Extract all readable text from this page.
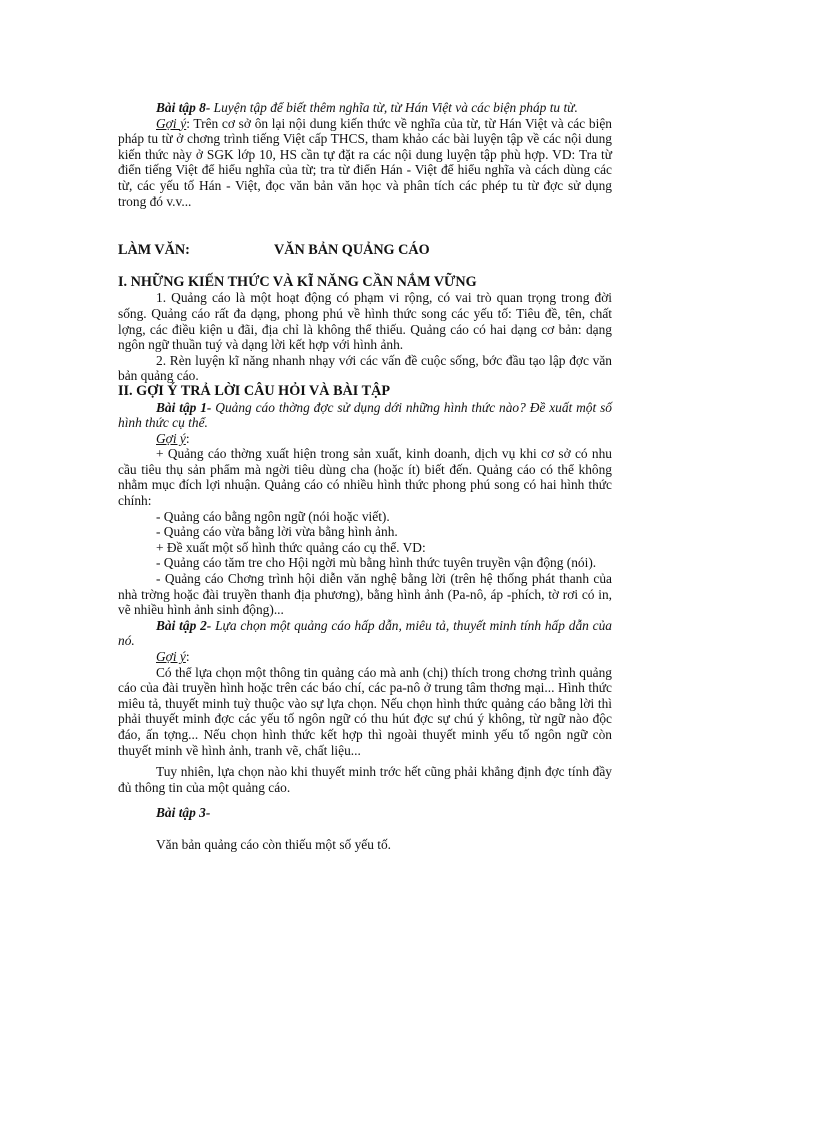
Bài tập 8- Luyện tập để biết thêm nghĩa từ, từ Hán Việt và các biện pháp tu từ.

Gợi ý: Trên cơ sở ôn lại nội dung kiến thức về nghĩa của từ, từ Hán Việt và các biện pháp tu từ ở chơng trình tiếng Việt cấp THCS, tham khảo các bài luyện tập về các nội dung kiến thức này ở SGK lớp 10, HS cần tự đặt ra các nội dung luyện tập phù hợp. VD: Tra từ điển tiếng Việt để hiểu nghĩa của từ; tra từ điển Hán - Việt để hiểu nghĩa và cách dùng các từ, các yếu tố Hán - Việt, đọc văn bản văn học và phân tích các phép tu từ đợc sử dụng trong đó v.v...

LÀM VĂN:	VĂN BẢN QUẢNG CÁO

I. NHỮNG KIẾN THỨC VÀ KĨ NĂNG CẦN NẮM VỮNG

1. Quảng cáo là một hoạt động có phạm vi rộng, có vai trò quan trọng trong đời sống. Quảng cáo rất đa dạng, phong phú về hình thức song các yếu tố: Tiêu đề, tên, chất lợng, các điều kiện u đãi, địa chỉ là không thể thiếu. Quảng cáo có hai dạng cơ bản: dạng ngôn ngữ thuần tuý và dạng lời kết hợp với hình ảnh.

2. Rèn luyện kĩ năng nhanh nhạy với các vấn đề cuộc sống, bớc đầu tạo lập đợc văn bản quảng cáo.

II. GỢI Ý TRẢ LỜI CÂU HỎI VÀ BÀI TẬP

Bài tập 1- Quảng cáo thờng đợc sử dụng dới những hình thức nào? Đề xuất một số hình thức cụ thể.

Gợi ý:

+ Quảng cáo thờng xuất hiện trong sản xuất, kinh doanh, dịch vụ khi cơ sở có nhu cầu tiêu thụ sản phẩm mà ngời tiêu dùng cha (hoặc ít) biết đến. Quảng cáo có thể không nhằm mục đích lợi nhuận. Quảng cáo có nhiều hình thức phong phú song có hai hình thức chính:

- Quảng cáo bằng ngôn ngữ (nói hoặc viết).

- Quảng cáo vừa bằng lời vừa bằng hình ảnh.

+ Đề xuất một số hình thức quảng cáo cụ thể. VD:

- Quảng cáo tăm tre cho Hội ngời mù bằng hình thức tuyên truyền vận động (nói).

- Quảng cáo Chơng trình hội diễn văn nghệ bằng lời (trên hệ thống phát thanh của nhà trờng hoặc đài truyền thanh địa phương), bằng hình ảnh (Pa-nô, áp -phích, tờ rơi có in, vẽ nhiều hình ảnh sinh động)...

Bài tập 2- Lựa chọn một quảng cáo hấp dẫn, miêu tả, thuyết minh tính hấp dẫn của nó.

Gợi ý:

Có thể lựa chọn một thông tin quảng cáo mà anh (chị) thích trong chơng trình quảng cáo của đài truyền hình hoặc trên các báo chí, các pa-nô ở trung tâm thơng mại... Hình thức miêu tả, thuyết minh tuỳ thuộc vào sự lựa chọn. Nếu chọn hình thức quảng cáo bằng lời thì phải thuyết minh đợc các yếu tố ngôn ngữ có thu hút đợc sự chú ý không, từ ngữ nào độc đáo, ấn tợng... Nếu chọn hình thức kết hợp thì ngoài thuyết minh yếu tố ngôn ngữ còn thuyết minh về hình ảnh, tranh vẽ, chất liệu...

Tuy nhiên, lựa chọn nào khi thuyết minh trớc hết cũng phải khẳng định đợc tính đầy đủ thông tin của một quảng cáo.

Bài tập 3-

Văn bản quảng cáo còn thiếu một số yếu tố.
